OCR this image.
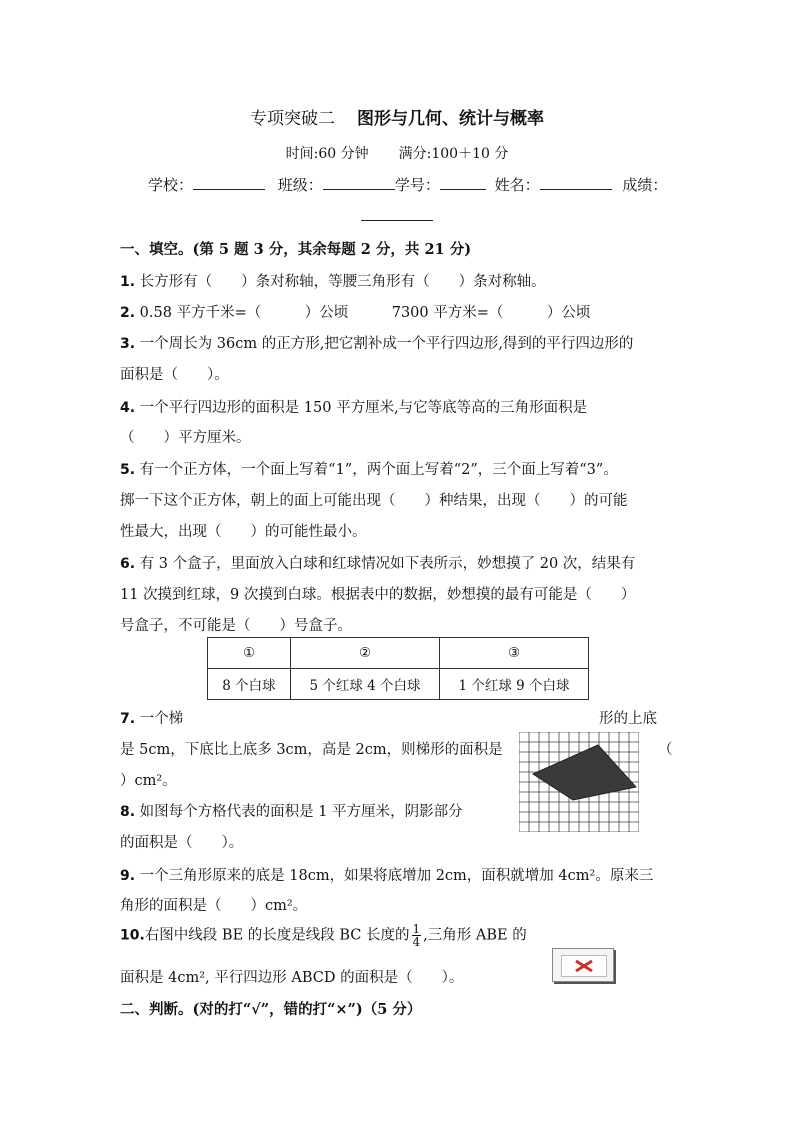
专项突破二 图形与几何、统计与概率
时间:60 分钟 满分:100＋10 分
学校：	班级：	学号：	姓名：	成绩：
一、填空。(第 5 题 3 分，其余每题 2 分，共 21 分)
1. 长方形有（　　）条对称轴，等腰三角形有（　　）条对称轴。
2. 0.58 平方千米=（　　　）公顷　　　7300 平方米=（　　　）公顷
3. 一个周长为 36cm 的正方形,把它割补成一个平行四边形,得到的平行四边形的
面积是（　　）。
4. 一个平行四边形的面积是 150 平方厘米,与它等底等高的三角形面积是
（　　）平方厘米。
5. 有一个正方体，一个面上写着“1”，两个面上写着“2”，三个面上写着“3”。
掷一下这个正方体，朝上的面上可能出现（　　）种结果，出现（　　）的可能
性最大，出现（　　）的可能性最小。
6. 有 3 个盒子，里面放入白球和红球情况如下表所示，妙想摸了 20 次，结果有
11 次摸到红球，9 次摸到白球。根据表中的数据，妙想摸的最有可能是（　　）
号盒子，不可能是（　　）号盒子。
①	②	③
8 个白球	5 个红球 4 个白球	1 个红球 9 个白球
7. 一个梯	形的上底
是 5cm，下底比上底多 3cm，高是 2cm，则梯形的面积是	（
）cm²。
8. 如图每个方格代表的面积是 1 平方厘米，阴影部分
的面积是（　　）。
9. 一个三角形原来的底是 18cm，如果将底增加 2cm，面积就增加 4cm²。原来三
角形的面积是（　　）cm²。
10.右图中线段 BE 的长度是线段 BC 长度的 $\frac{1}{4}$ ,三角形 ABE 的
面积是 4cm², 平行四边形 ABCD 的面积是（　　）。
二、判断。(对的打“√”，错的打“×”)（5 分）
